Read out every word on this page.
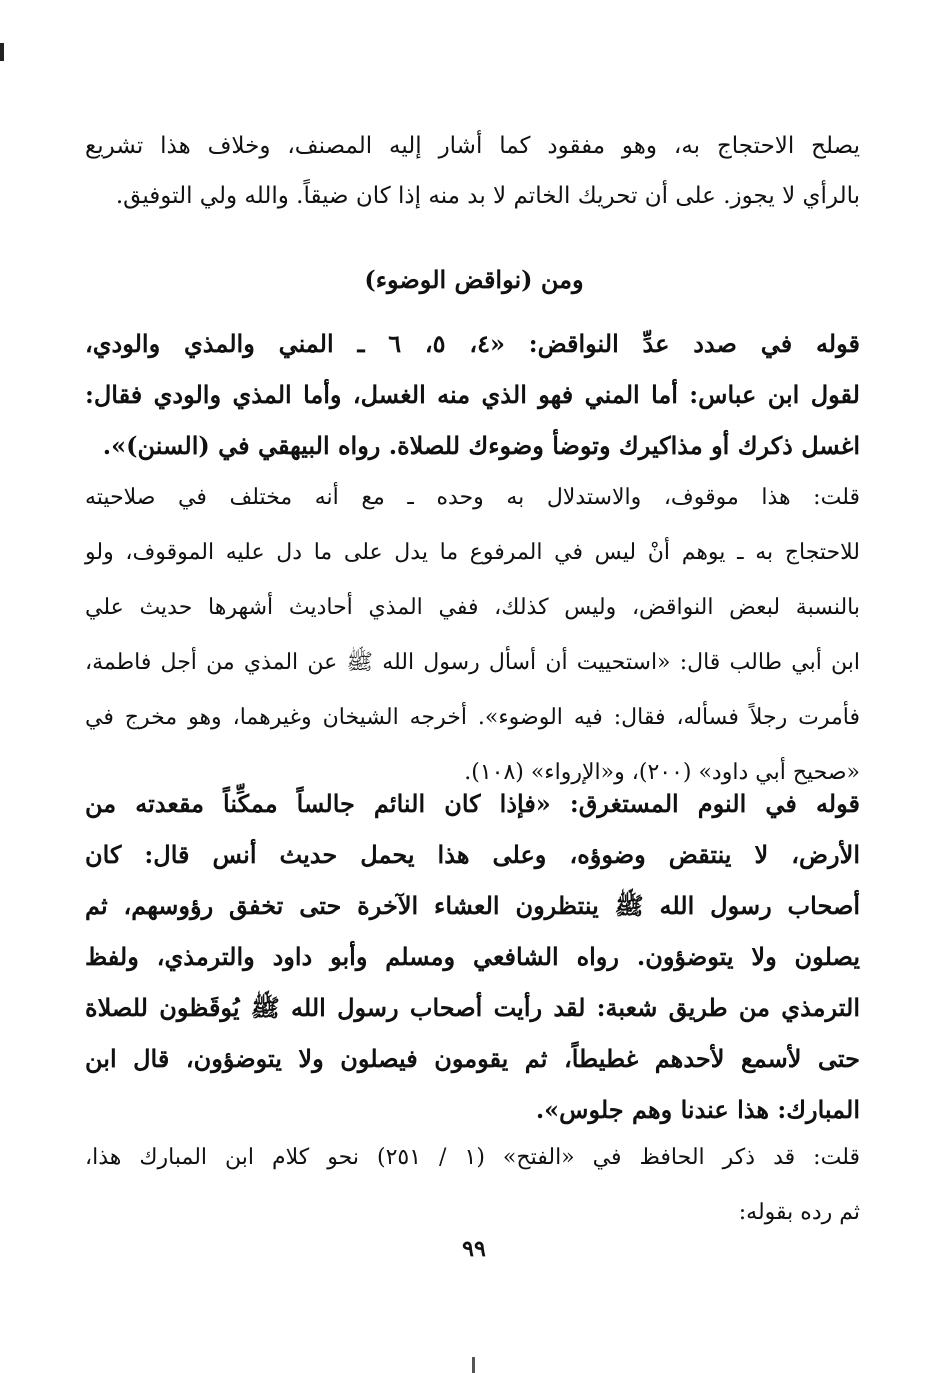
يصلح الاحتجاج به، وهو مفقود كما أشار إليه المصنف، وخلاف هذا تشريع
بالرأي لا يجوز. على أن تحريك الخاتم لا بد منه إذا كان ضيقاً. والله ولي التوفيق.
ومن (نواقض الوضوء)
قوله في صدد عدِّ النواقض: «٤، ٥، ٦ ـ المني والمذي والودي،
لقول ابن عباس: أما المني فهو الذي منه الغسل، وأما المذي والودي فقال:
اغسل ذكرك أو مذاكيرك وتوضأ وضوءك للصلاة. رواه البيهقي في (السنن)».
قلت: هذا موقوف، والاستدلال به وحده ـ مع أنه مختلف في صلاحيته
للاحتجاج به ـ يوهم أنْ ليس في المرفوع ما يدل على ما دل عليه الموقوف، ولو
بالنسبة لبعض النواقض، وليس كذلك، ففي المذي أحاديث أشهرها حديث علي
ابن أبي طالب قال: «استحييت أن أسأل رسول الله ﷺ عن المذي من أجل فاطمة،
فأمرت رجلاً فسأله، فقال: فيه الوضوء». أخرجه الشيخان وغيرهما، وهو مخرج في
«صحيح أبي داود» (٢٠٠)، و«الإرواء» (١٠٨).
قوله في النوم المستغرق: «فإذا كان النائم جالساً ممكِّناً مقعدته من
الأرض، لا ينتقض وضوؤه، وعلى هذا يحمل حديث أنس قال: كان
أصحاب رسول الله ﷺ ينتظرون العشاء الآخرة حتى تخفق رؤوسهم، ثم
يصلون ولا يتوضؤون. رواه الشافعي ومسلم وأبو داود والترمذي، ولفظ
الترمذي من طريق شعبة: لقد رأيت أصحاب رسول الله ﷺ يُوقَظون للصلاة
حتى لأسمع لأحدهم غطيطاً، ثم يقومون فيصلون ولا يتوضؤون، قال ابن
المبارك: هذا عندنا وهم جلوس».
قلت: قد ذكر الحافظ في «الفتح» (١ / ٢٥١) نحو كلام ابن المبارك هذا،
ثم رده بقوله:
٩٩
